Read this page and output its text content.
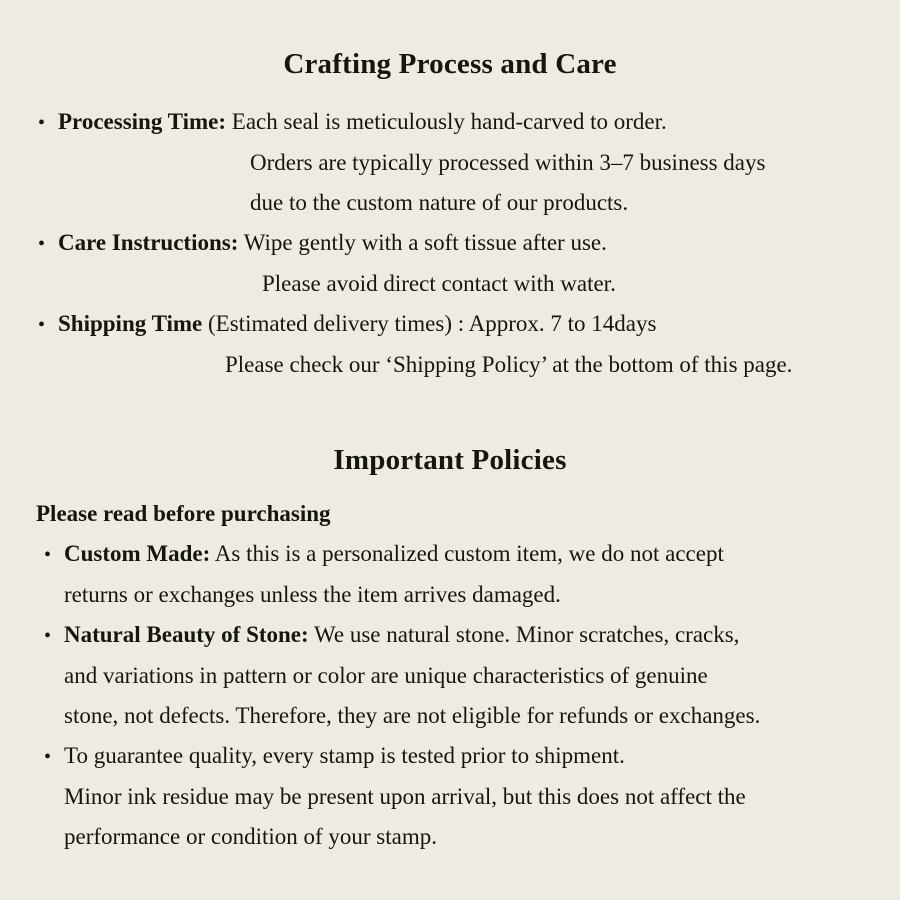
Crafting Process and Care
• Processing Time: Each seal is meticulously hand-carved to order.
Orders are typically processed within 3–7 business days
due to the custom nature of our products.
• Care Instructions: Wipe gently with a soft tissue after use.
Please avoid direct contact with water.
• Shipping Time (Estimated delivery times) : Approx. 7 to 14days
Please check our ‘Shipping Policy’ at the bottom of this page.
Important Policies

Please read before purchasing

• Custom Made: As this is a personalized custom item, we do not accept
returns or exchanges unless the item arrives damaged.
• Natural Beauty of Stone: We use natural stone. Minor scratches, cracks,
and variations in pattern or color are unique characteristics of genuine
stone, not defects. Therefore, they are not eligible for refunds or exchanges.
• To guarantee quality, every stamp is tested prior to shipment.
Minor ink residue may be present upon arrival, but this does not affect the
performance or condition of your stamp.
